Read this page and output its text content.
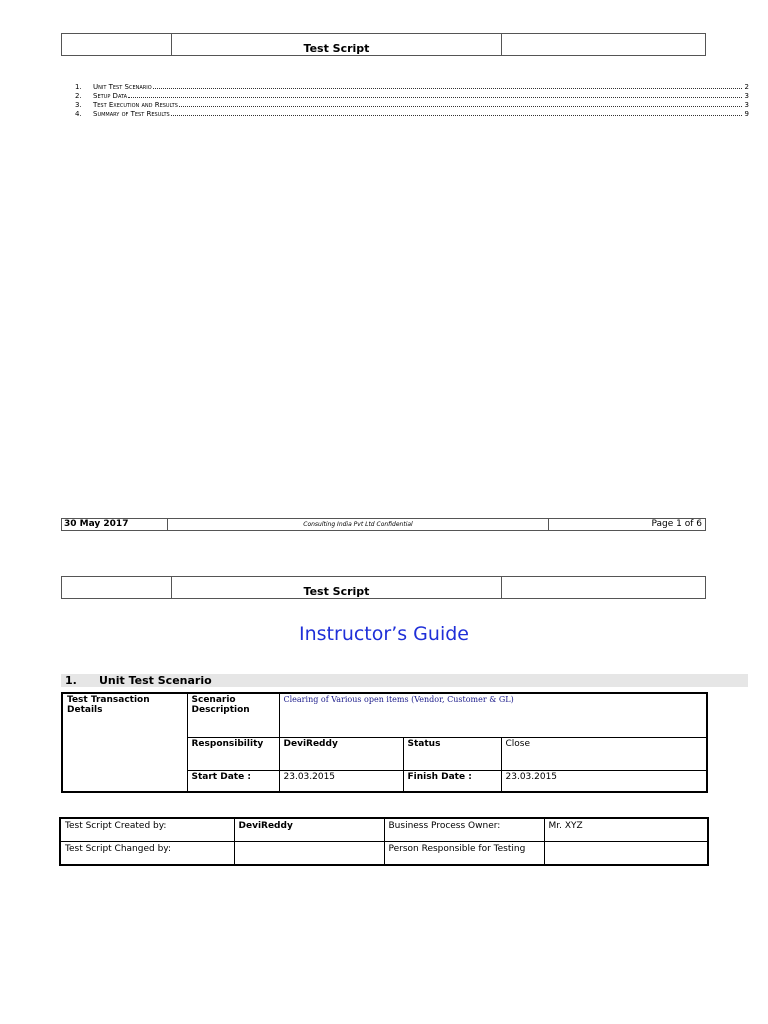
Test Script
1.	Unit Test Scenario	2
2.	Setup Data	3
3.	Test Execution and Results	3
4.	Summary of Test Results	9
30 May 2017	Consulting India Pvt Ltd Confidential	Page 1 of 6
Test Script
Instructor’s Guide
1. Unit Test Scenario
Test Transaction Details	Scenario Description	Clearing of Various open items (Vendor, Customer & GL)		
	Responsibility	DeviReddy	Status	Close
	Start Date :	23.03.2015	Finish Date :	23.03.2015
Test Script Created by:	DeviReddy	Business Process Owner:	Mr. XYZ
Test Script Changed by:		Person Responsible for Testing	
